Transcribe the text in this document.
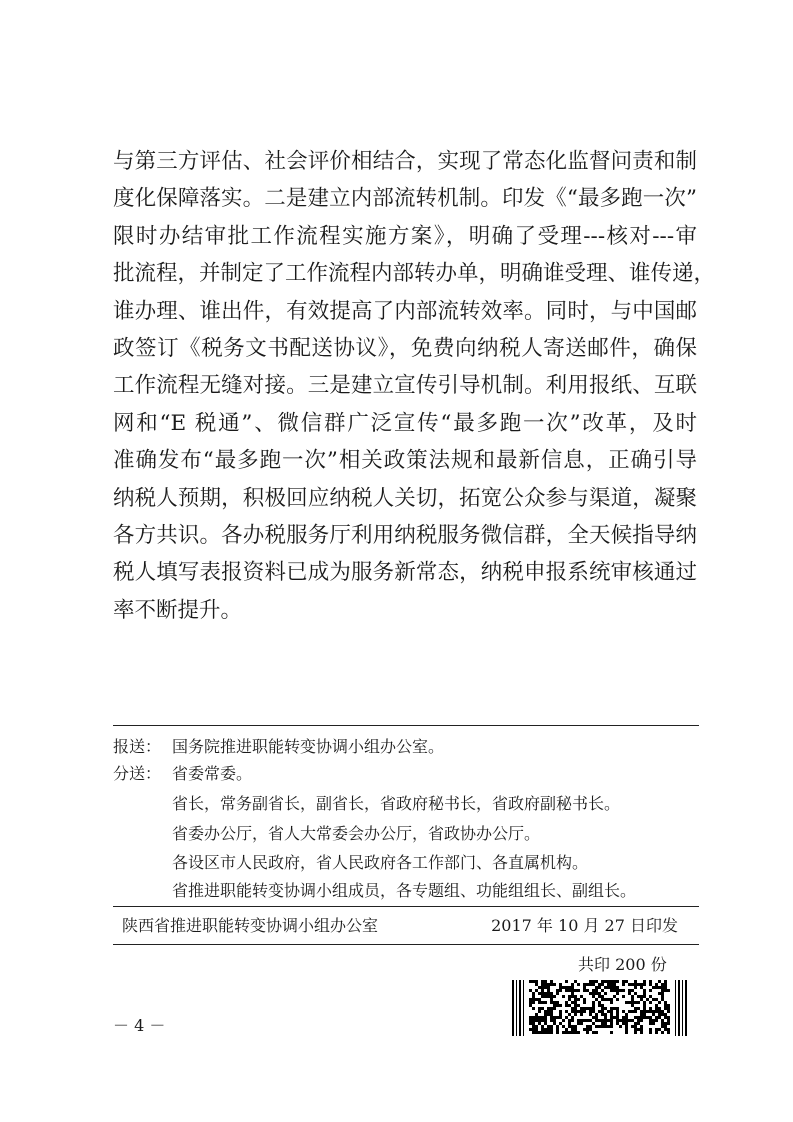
与第三方评估、社会评价相结合，实现了常态化监督问责和制
度化保障落实。二是建立内部流转机制。印发《“最多跑一次”
限时办结审批工作流程实施方案》，明确了受理---核对---审
批流程，并制定了工作流程内部转办单，明确谁受理、谁传递，
谁办理、谁出件，有效提高了内部流转效率。同时，与中国邮
政签订《税务文书配送协议》，免费向纳税人寄送邮件，确保
工作流程无缝对接。三是建立宣传引导机制。利用报纸、互联
网和“E 税通”、微信群广泛宣传“最多跑一次”改革，及时
准确发布“最多跑一次”相关政策法规和最新信息，正确引导
纳税人预期，积极回应纳税人关切，拓宽公众参与渠道，凝聚
各方共识。各办税服务厅利用纳税服务微信群，全天候指导纳
税人填写表报资料已成为服务新常态，纳税申报系统审核通过
率不断提升。
报送： 国务院推进职能转变协调小组办公室。
分送： 省委常委。
省长，常务副省长，副省长，省政府秘书长，省政府副秘书长。
省委办公厅，省人大常委会办公厅，省政协办公厅。
各设区市人民政府，省人民政府各工作部门、各直属机构。
省推进职能转变协调小组成员，各专题组、功能组组长、副组长。
陕西省推进职能转变协调小组办公室	2017 年 10 月 27 日印发
共印 200 份
－ 4 －
